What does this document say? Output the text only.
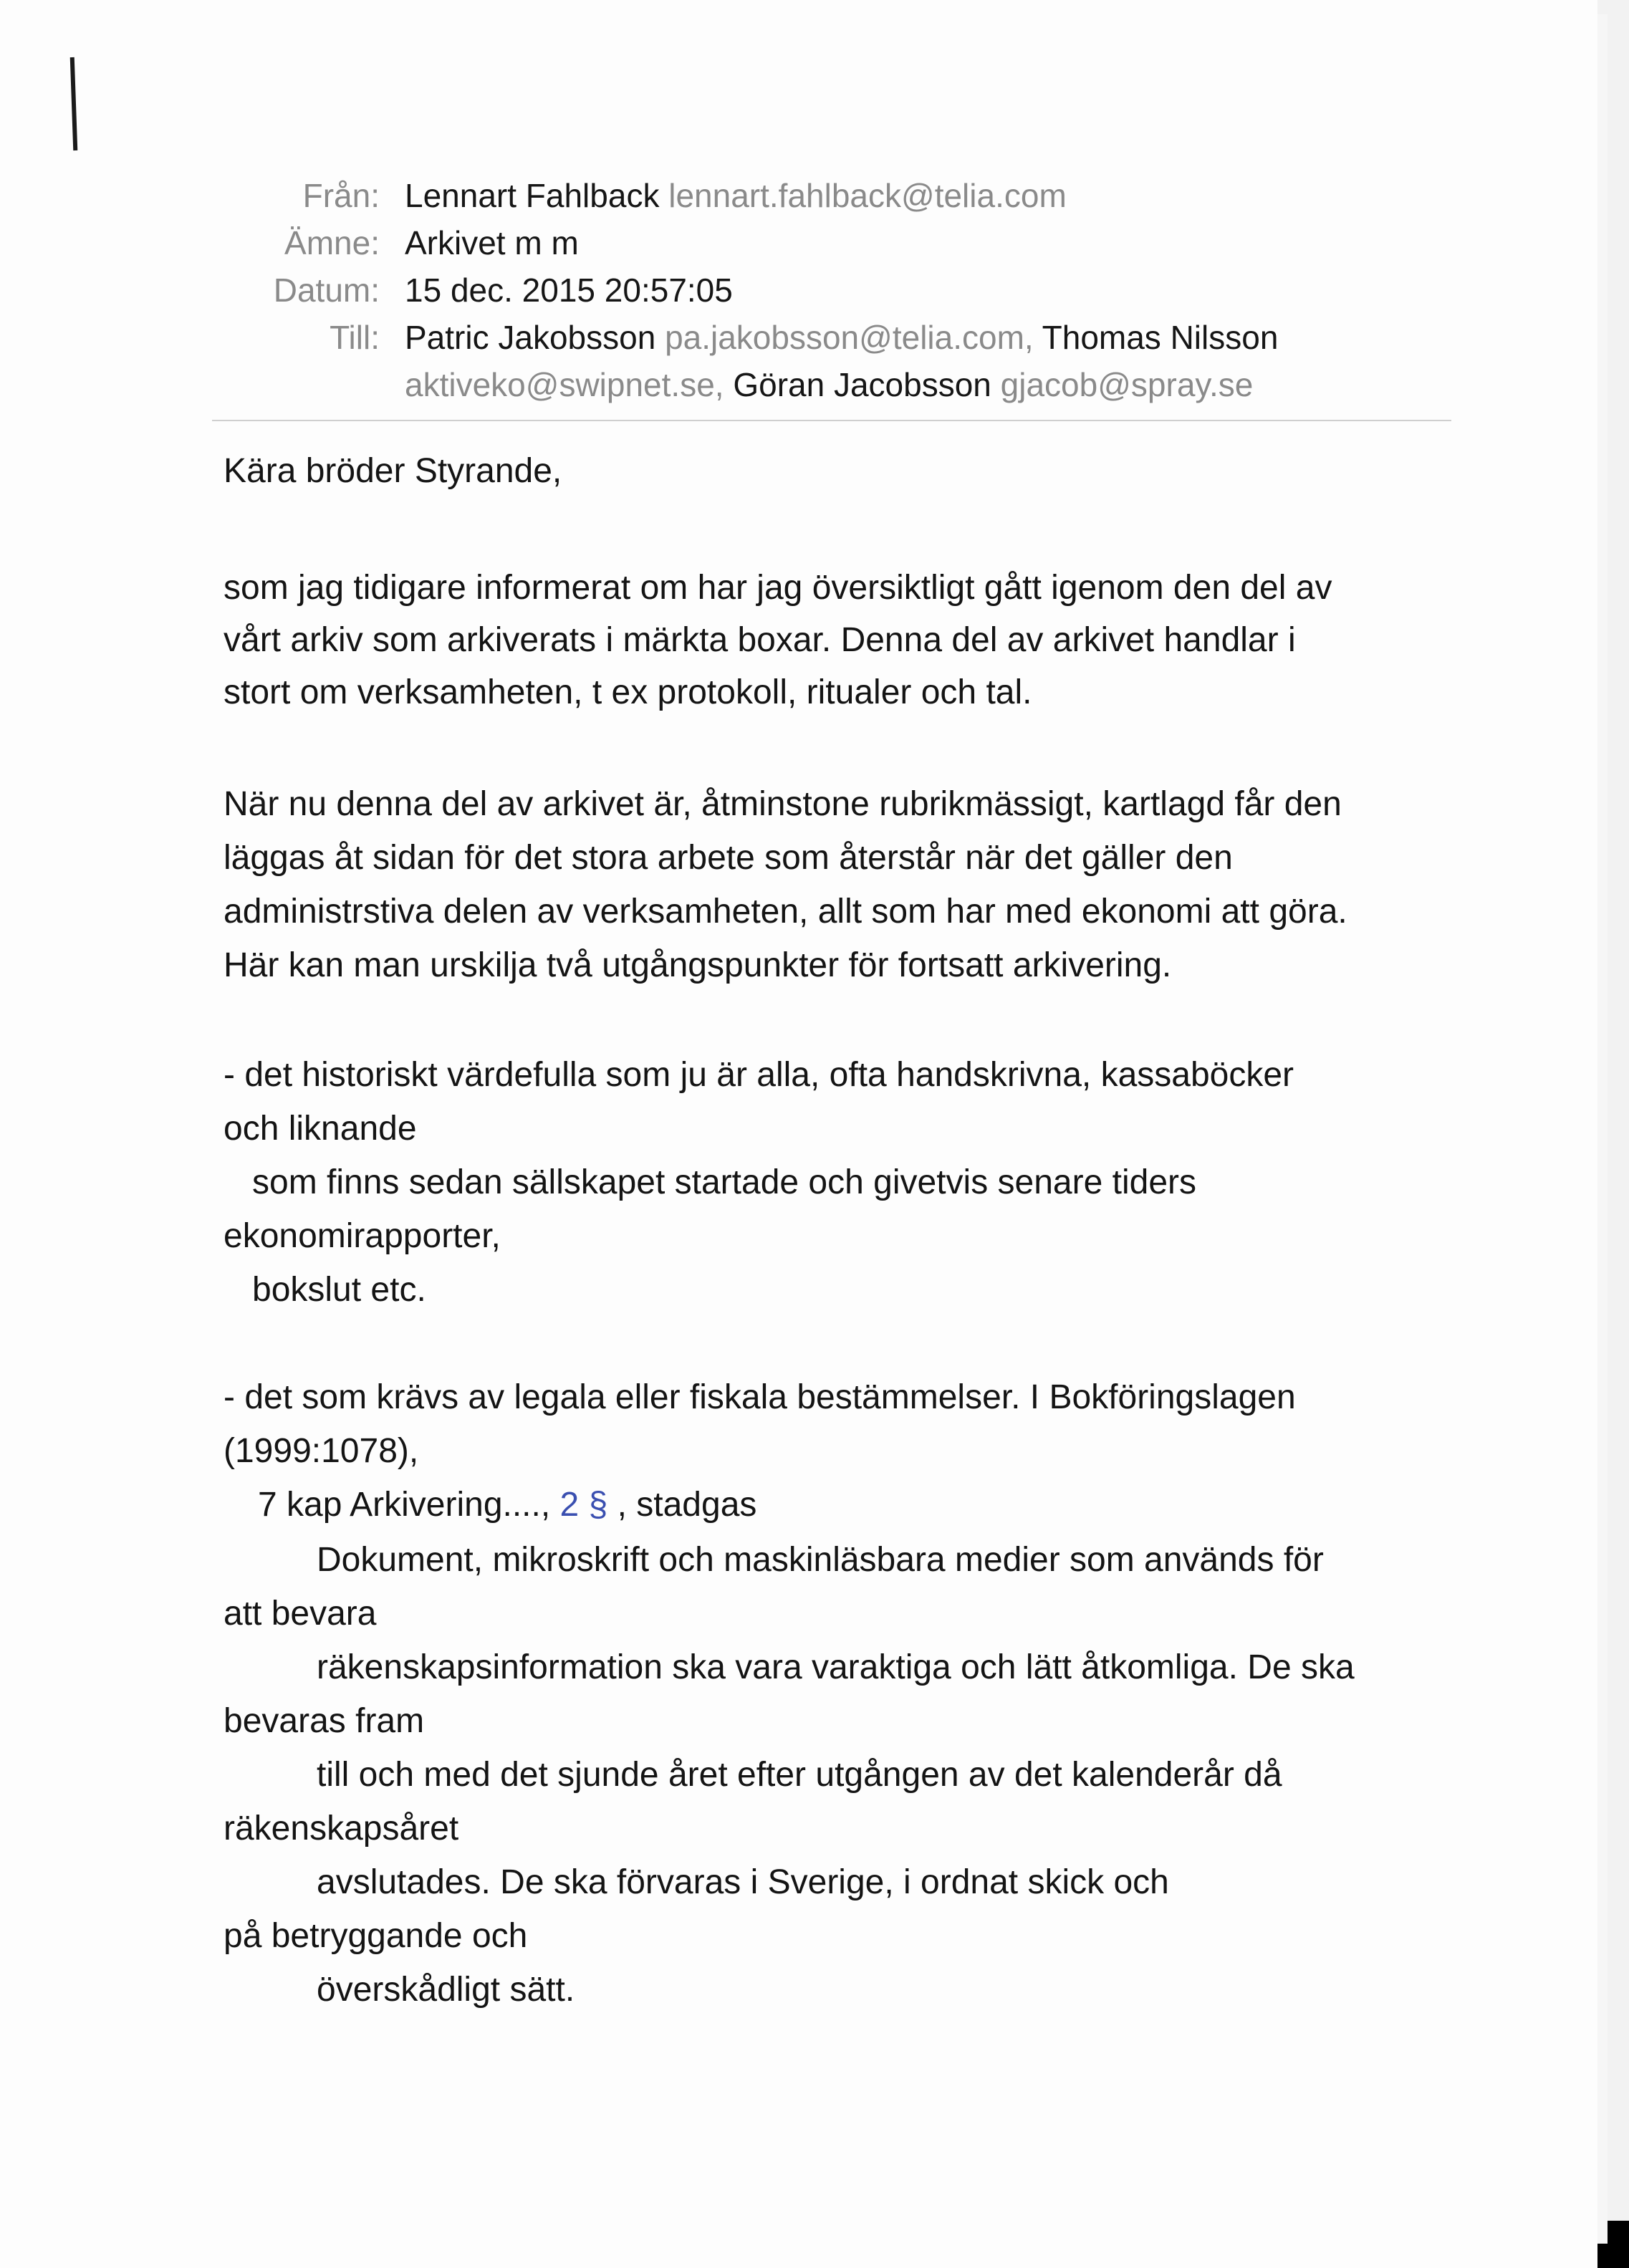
Från: Lennart Fahlback lennart.fahlback@telia.com
Ämne: Arkivet m m
Datum: 15 dec. 2015 20:57:05
Till: Patric Jakobsson pa.jakobsson@telia.com, Thomas Nilsson
aktiveko@swipnet.se, Göran Jacobsson gjacob@spray.se

Kära bröder Styrande,

som jag tidigare informerat om har jag översiktligt gått igenom den del av

vårt arkiv som arkiverats i märkta boxar. Denna del av arkivet handlar i

stort om verksamheten, t ex protokoll, ritualer och tal.

När nu denna del av arkivet är, åtminstone rubrikmässigt, kartlagd får den

läggas åt sidan för det stora arbete som återstår när det gäller den

administrstiva delen av verksamheten, allt som har med ekonomi att göra.

Här kan man urskilja två utgångspunkter för fortsatt arkivering.

- det historiskt värdefulla som ju är alla, ofta handskrivna, kassaböcker

och liknande

som finns sedan sällskapet startade och givetvis senare tiders

ekonomirapporter,

bokslut etc.

- det som krävs av legala eller fiskala bestämmelser. I Bokföringslagen

(1999:1078),

7 kap Arkivering...., 2 § , stadgas

Dokument, mikroskrift och maskinläsbara medier som används för

att bevara

räkenskapsinformation ska vara varaktiga och lätt åtkomliga. De ska

bevaras fram

till och med det sjunde året efter utgången av det kalenderår då

räkenskapsåret

avslutades. De ska förvaras i Sverige, i ordnat skick och

på betryggande och

överskådligt sätt.
